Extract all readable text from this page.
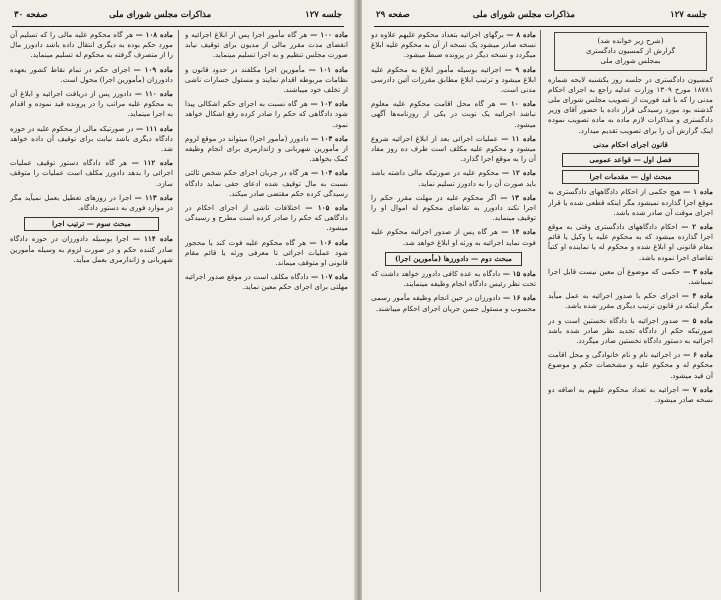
جلسه ۱۲۷
مذاکرات مجلس شورای ملی
صفحه ۳۰
ماده ۱۰۰ — هر گاه مأمور اجرا پس از ابلاغ اجرائیه و انقضای مدت مقرر مالی از مدیون برای توقیف نیابد صورت مجلس تنظیم و به اجرا تسلیم مینماید.
ماده ۱۰۱ — مأمورین اجرا مکلفند در حدود قانون و نظامات مربوطه اقدام نمایند و مسئول خسارات ناشی از تخلف خود میباشند.
ماده ۱۰۲ — هر گاه نسبت به اجرای حکم اشکالی پیدا شود دادگاهی که حکم را صادر کرده رفع اشکال خواهد نمود.
ماده ۱۰۳ — دادورز (مأمور اجرا) میتواند در موقع لزوم از مأمورین شهربانی و ژاندارمری برای انجام وظیفه کمک بخواهد.
ماده ۱۰۴ — هر گاه در جریان اجرای حکم شخص ثالثی نسبت به مال توقیف شده ادعای حقی نماید دادگاه رسیدگی کرده حکم مقتضی صادر میکند.
ماده ۱۰۵ — اختلافات ناشی از اجرای احکام در دادگاهی که حکم را صادر کرده است مطرح و رسیدگی میشود.
ماده ۱۰۶ — هر گاه محکوم علیه فوت کند یا محجور شود عملیات اجرائی تا معرفی ورثه یا قائم مقام قانونی او متوقف میماند.
ماده ۱۰۷ — دادگاه مکلف است در موقع صدور اجرائیه مهلتی برای اجرای حکم معین نماید.
ماده ۱۰۸ — هر گاه محکوم علیه مالی را که تسلیم آن مورد حکم بوده به دیگری انتقال داده باشد دادورز مال را از متصرف گرفته به محکوم له تسلیم مینماید.
ماده ۱۰۹ — اجرای حکم در تمام نقاط کشور بعهده دادورزان (مأمورین اجرا) محول است.
ماده ۱۱۰ — دادورز پس از دریافت اجرائیه و ابلاغ آن به محکوم علیه مراتب را در پرونده قید نموده و اقدام به اجرا مینماید.
ماده ۱۱۱ — در صورتیکه مالی از محکوم علیه در حوزه دادگاه دیگری باشد نیابت برای توقیف آن داده خواهد شد.
ماده ۱۱۲ — هر گاه دادگاه دستور توقیف عملیات اجرائی را بدهد دادورز مکلف است عملیات را متوقف سازد.
ماده ۱۱۳ — اجرا در روزهای تعطیل بعمل نمیآید مگر در موارد فوری به دستور دادگاه.
مبحث سوم — ترتیب اجرا
ماده ۱۱۴ — اجرا بوسیله دادورزان در حوزه دادگاه صادر کننده حکم و در صورت لزوم به وسیله مأمورین شهربانی و ژاندارمری بعمل میآید.
جلسه ۱۲۷
مذاکرات مجلس شورای ملی
صفحه ۲۹

(شرح زیر خوانده شد)

گزارش از کمسیون دادگستری

بمجلس شورای ملی

کمسیون دادگستری در جلسه روز یکشنبه لایحه شماره ۱۸۷۸۱ مورخ ۱۳۰۹ وزارت عدلیه راجع به اجرای احکام مدنی را که با قید فوریت از تصویب مجلس شورای ملی گذشته بود مورد رسیدگی قرار داده با حضور آقای وزیر دادگستری و مذاکرات لازم ماده به ماده تصویب نموده اینک گزارش آن را برای تصویب تقدیم میدارد.
قانون اجرای احکام مدنی
فصل اول — قواعد عمومی
مبحث اول — مقدمات اجرا
ماده ۱ — هیچ حکمی از احکام دادگاههای دادگستری به موقع اجرا گذارده نمیشود مگر اینکه قطعی شده یا قرار اجرای موقت آن صادر شده باشد.
ماده ۲ — احکام دادگاههای دادگستری وقتی به موقع اجرا گذارده میشود که به محکوم علیه یا وکیل یا قائم مقام قانونی او ابلاغ شده و محکوم له یا نماینده او کتباً تقاضای اجرا نموده باشد.
ماده ۳ — حکمی که موضوع آن معین نیست قابل اجرا نمیباشد.
ماده ۴ — اجرای حکم با صدور اجرائیه به عمل میآید مگر اینکه در قانون ترتیب دیگری مقرر شده باشد.
ماده ۵ — صدور اجرائیه با دادگاه نخستین است و در صورتیکه حکم از دادگاه تجدید نظر صادر شده باشد اجرائیه به دستور دادگاه نخستین صادر میگردد.
ماده ۶ — در اجرائیه نام و نام خانوادگی و محل اقامت محکوم له و محکوم علیه و مشخصات حکم و موضوع آن قید میشود.
ماده ۷ — اجرائیه به تعداد محکوم علیهم به اضافه دو نسخه صادر میشود.
ماده ۸ — برگهای اجرائیه بتعداد محکوم علیهم علاوه دو نسخه صادر میشود یک نسخه از آن به محکوم علیه ابلاغ میگردد و نسخه دیگر در پرونده ضبط میشود.
ماده ۹ — اجرائیه بوسیله مأمور ابلاغ به محکوم علیه ابلاغ میشود و ترتیب ابلاغ مطابق مقررات آئین دادرسی مدنی است.
ماده ۱۰ — هر گاه محل اقامت محکوم علیه معلوم نباشد اجرائیه یک نوبت در یکی از روزنامه‌ها آگهی میشود.
ماده ۱۱ — عملیات اجرائی بعد از ابلاغ اجرائیه شروع میشود و محکوم علیه مکلف است ظرف ده روز مفاد آن را به موقع اجرا گذارد.
ماده ۱۲ — محکوم علیه در صورتیکه مالی داشته باشد باید صورت آن را به دادورز تسلیم نماید.
ماده ۱۳ — اگر محکوم علیه در مهلت مقرر حکم را اجرا نکند دادورز به تقاضای محکوم له اموال او را توقیف مینماید.
ماده ۱۴ — هر گاه پس از صدور اجرائیه محکوم علیه فوت نماید اجرائیه به ورثه او ابلاغ خواهد شد.
مبحث دوم — دادورزها (مأمورین اجرا)
ماده ۱۵ — دادگاه به عده کافی دادورز خواهد داشت که تحت نظر رئیس دادگاه انجام وظیفه مینمایند.
ماده ۱۶ — دادورزان در حین انجام وظیفه مأمور رسمی محسوب و مسئول حسن جریان اجرای احکام میباشند.
